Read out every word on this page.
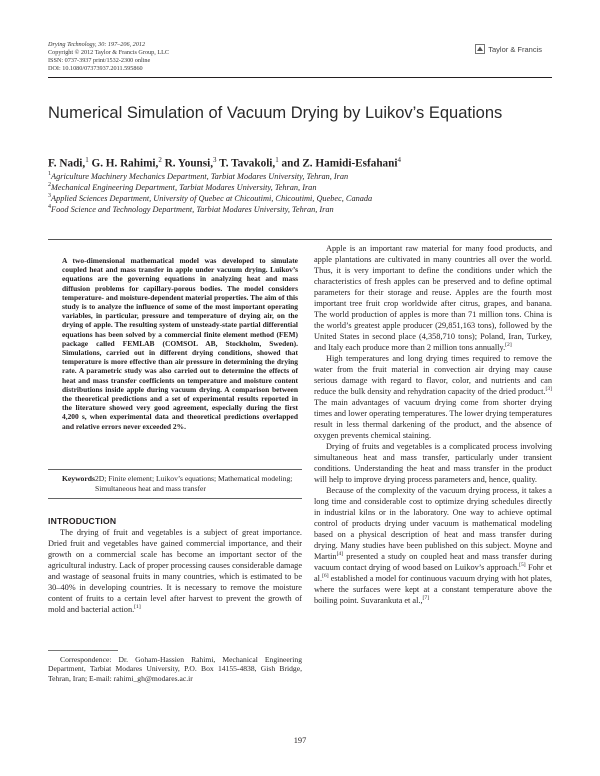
Drying Technology, 30: 197–206, 2012
Copyright © 2012 Taylor & Francis Group, LLC
ISSN: 0737-3937 print/1532-2300 online
DOI: 10.1080/07373937.2011.595860
Taylor & Francis
Numerical Simulation of Vacuum Drying by Luikov’s Equations
F. Nadi,$^1$ G. H. Rahimi,$^2$ R. Younsi,$^3$ T. Tavakoli,$^1$ and Z. Hamidi-Esfahani$^4$
$^1$Agriculture Machinery Mechanics Department, Tarbiat Modares University, Tehran, Iran
$^2$Mechanical Engineering Department, Tarbiat Modares University, Tehran, Iran
$^3$Applied Sciences Department, University of Quebec at Chicoutimi, Chicoutimi, Quebec, Canada
$^4$Food Science and Technology Department, Tarbiat Modares University, Tehran, Iran
A two-dimensional mathematical model was developed to simulate coupled heat and mass transfer in apple under vacuum drying. Luikov’s equations are the governing equations in analyzing heat and mass diffusion problems for capillary-porous bodies. The model considers temperature- and moisture-dependent material properties. The aim of this study is to analyze the influence of some of the most important operating variables, in particular, pressure and temperature of drying air, on the drying of apple. The resulting system of unsteady-state partial differential equations has been solved by a commercial finite element method (FEM) package called FEMLAB (COMSOL AB, Stockholm, Sweden). Simulations, carried out in different drying conditions, showed that temperature is more effective than air pressure in determining the drying rate. A parametric study was also carried out to determine the effects of heat and mass transfer coefficients on temperature and moisture content distributions inside apple during vacuum drying. A comparison between the theoretical predictions and a set of experimental results reported in the literature showed very good agreement, especially during the first 4,200 s, when experimental data and theoretical predictions overlapped and relative errors never exceeded 2%.
Keywords 2D; Finite element; Luikov’s equations; Mathematical modeling; Simultaneous heat and mass transfer
INTRODUCTION

The drying of fruit and vegetables is a subject of great importance. Dried fruit and vegetables have gained commercial importance, and their growth on a commercial scale has become an important sector of the agricultural industry. Lack of proper processing causes considerable damage and wastage of seasonal fruits in many countries, which is estimated to be 30–40% in developing countries. It is necessary to remove the moisture content of fruits to a certain level after harvest to prevent the growth of mold and bacterial action.[1]

Correspondence: Dr. Goham-Hassien Rahimi, Mechanical Engineering Department, Tarbiat Modares University, P.O. Box 14155-4838, Gish Bridge, Tehran, Iran; E-mail: rahimi_gh@modares.ac.ir

Apple is an important raw material for many food products, and apple plantations are cultivated in many countries all over the world. Thus, it is very important to define the conditions under which the characteristics of fresh apples can be preserved and to define optimal parameters for their storage and reuse. Apples are the fourth most important tree fruit crop worldwide after citrus, grapes, and banana. The world production of apples is more than 71 million tons. China is the world’s greatest apple producer (29,851,163 tons), followed by the United States in second place (4,358,710 tons); Poland, Iran, Turkey, and Italy each produce more than 2 million tons annually.[2]

High temperatures and long drying times required to remove the water from the fruit material in convection air drying may cause serious damage with regard to flavor, color, and nutrients and can reduce the bulk density and rehydration capacity of the dried product.[3] The main advantages of vacuum drying come from shorter drying times and lower operating temperatures. The lower drying temperatures result in less thermal darkening of the product, and the absence of oxygen prevents chemical staining.

Drying of fruits and vegetables is a complicated process involving simultaneous heat and mass transfer, particularly under transient conditions. Understanding the heat and mass transfer in the product will help to improve drying process parameters and, hence, quality.

Because of the complexity of the vacuum drying process, it takes a long time and considerable cost to optimize drying schedules directly in industrial kilns or in the laboratory. One way to achieve optimal control of products drying under vacuum is mathematical modeling based on a physical description of heat and mass transfer during drying. Many studies have been published on this subject. Moyne and Martin[4] presented a study on coupled heat and mass transfer during vacuum contact drying of wood based on Luikov’s approach.[5] Fohr et al.[6] established a model for continuous vacuum drying with hot plates, where the surfaces were kept at a constant temperature above the boiling point. Suvarankuta et al.,[7]

197
